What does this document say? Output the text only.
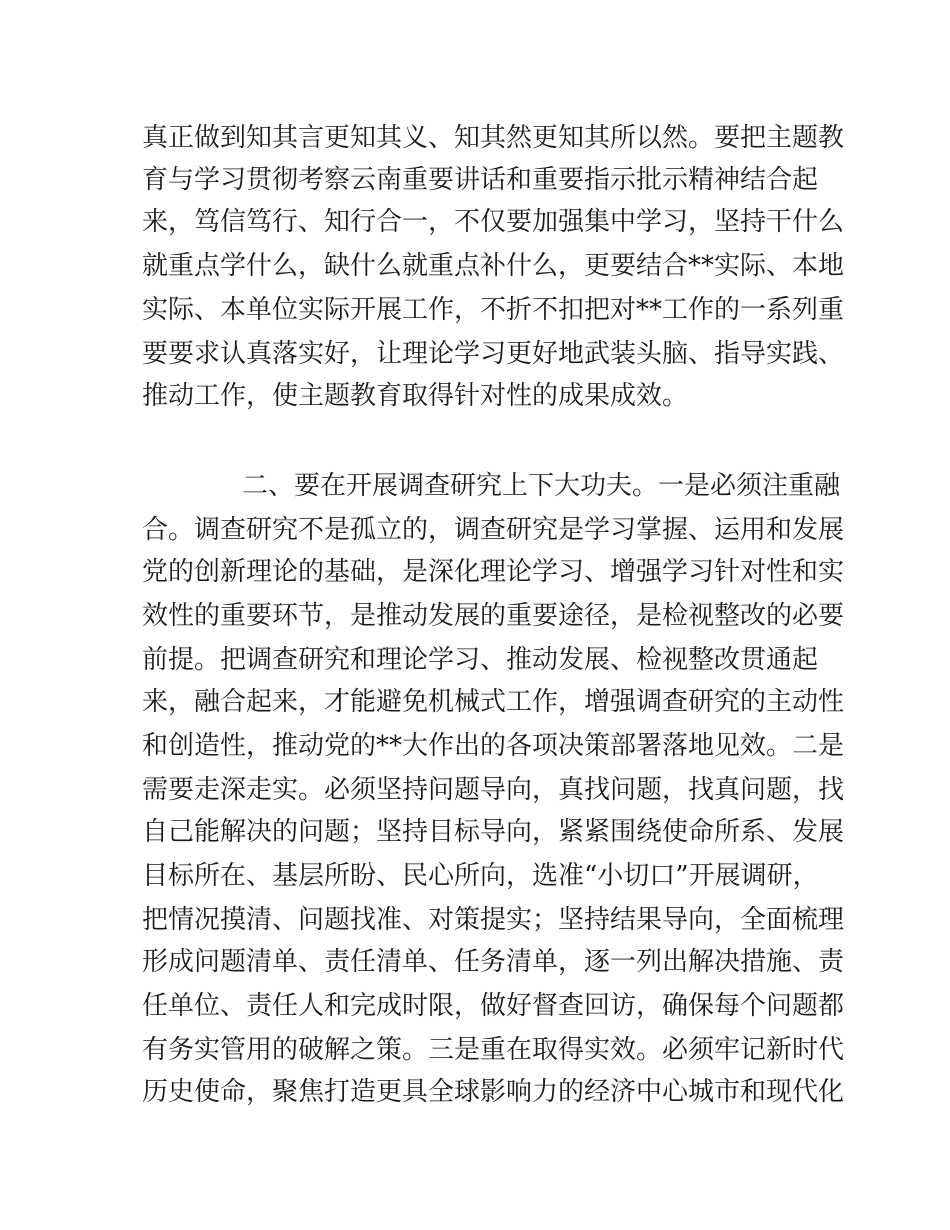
真正做到知其言更知其义、知其然更知其所以然。要把主题教
育与学习贯彻考察云南重要讲话和重要指示批示精神结合起
来，笃信笃行、知行合一，不仅要加强集中学习，坚持干什么
就重点学什么，缺什么就重点补什么，更要结合**实际、本地
实际、本单位实际开展工作，不折不扣把对**工作的一系列重
要要求认真落实好，让理论学习更好地武装头脑、指导实践、
推动工作，使主题教育取得针对性的成果成效。
二、要在开展调查研究上下大功夫。一是必须注重融
合。调查研究不是孤立的，调查研究是学习掌握、运用和发展
党的创新理论的基础，是深化理论学习、增强学习针对性和实
效性的重要环节，是推动发展的重要途径，是检视整改的必要
前提。把调查研究和理论学习、推动发展、检视整改贯通起
来，融合起来，才能避免机械式工作，增强调查研究的主动性
和创造性，推动党的**大作出的各项决策部署落地见效。二是
需要走深走实。必须坚持问题导向，真找问题，找真问题，找
自己能解决的问题；坚持目标导向，紧紧围绕使命所系、发展
目标所在、基层所盼、民心所向，选准“小切口”开展调研，
把情况摸清、问题找准、对策提实；坚持结果导向，全面梳理
形成问题清单、责任清单、任务清单，逐一列出解决措施、责
任单位、责任人和完成时限，做好督查回访，确保每个问题都
有务实管用的破解之策。三是重在取得实效。必须牢记新时代
历史使命，聚焦打造更具全球影响力的经济中心城市和现代化
